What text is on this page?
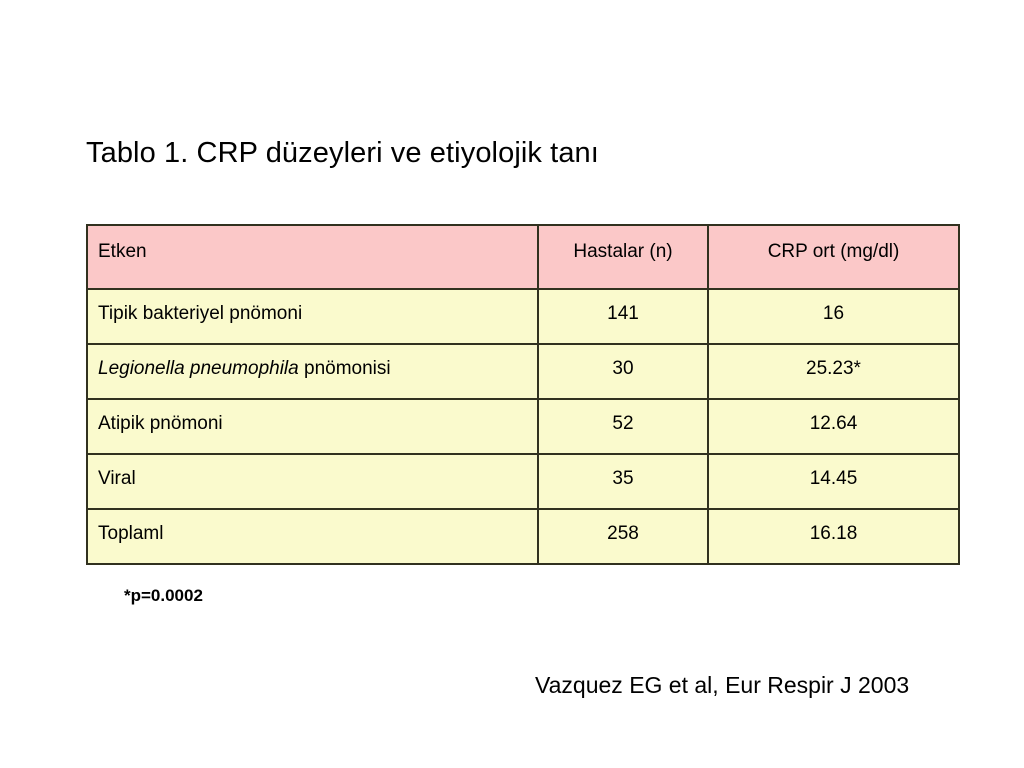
Tablo 1. CRP düzeyleri ve etiyolojik tanı
Etken	Hastalar (n)	CRP ort (mg/dl)

Tipik bakteriyel pnömoni	141	16

Legionella pneumophila pnömonisi	30	25.23*

Atipik pnömoni	52	12.64

Viral	35	14.45

Toplaml	258	16.18
*p=0.0002
Vazquez EG et al, Eur Respir J 2003
